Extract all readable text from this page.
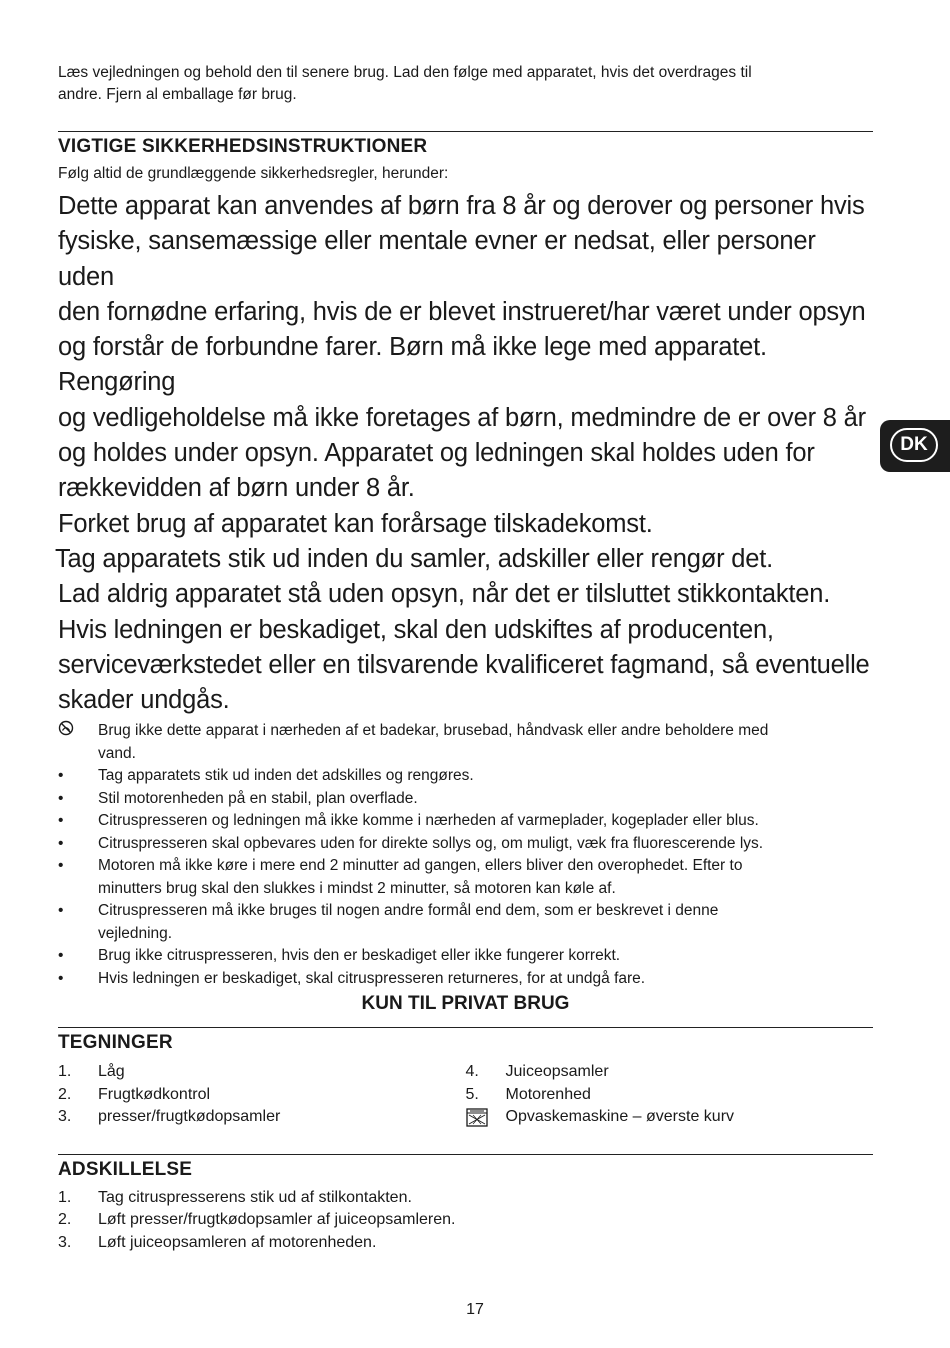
Læs vejledningen og behold den til senere brug. Lad den følge med apparatet, hvis det overdrages til
andre. Fjern al emballage før brug.
VIGTIGE SIKKERHEDSINSTRUKTIONER
Følg altid de grundlæggende sikkerhedsregler, herunder:

Dette apparat kan anvendes af børn fra 8 år og derover og personer hvis

fysiske, sansemæssige eller mentale evner er nedsat, eller personer uden

den fornødne erfaring, hvis de er blevet instrueret/har været under opsyn

og forstår de forbundne farer. Børn må ikke lege med apparatet. Rengøring

og vedligeholdelse må ikke foretages af børn, medmindre de er over 8 år

og holdes under opsyn. Apparatet og ledningen skal holdes uden for

rækkevidden af børn under 8 år.

Forket brug af apparatet kan forårsage tilskadekomst.

Tag apparatets stik ud inden du samler, adskiller eller rengør det.

Lad aldrig apparatet stå uden opsyn, når det er tilsluttet stikkontakten.

Hvis ledningen er beskadiget, skal den udskiftes af producenten,

serviceværkstedet eller en tilsvarende kvalificeret fagmand, så eventuelle

skader undgås.

Brug ikke dette apparat i nærheden af et badekar, brusebad, håndvask eller andre beholdere med
vand.
•	Tag apparatets stik ud inden det adskilles og rengøres.
•	Stil motorenheden på en stabil, plan overflade.
•	Citruspresseren og ledningen må ikke komme i nærheden af varmeplader, kogeplader eller blus.
•	Citruspresseren skal opbevares uden for direkte sollys og, om muligt, væk fra fluorescerende lys.
•	Motoren må ikke køre i mere end 2 minutter ad gangen, ellers bliver den overophedet. Efter to
minutters brug skal den slukkes i mindst 2 minutter, så motoren kan køle af.
•	Citruspresseren må ikke bruges til nogen andre formål end dem, som er beskrevet i denne
vejledning.
•	Brug ikke citruspresseren, hvis den er beskadiget eller ikke fungerer korrekt.
•	Hvis ledningen er beskadiget, skal citruspresseren returneres, for at undgå fare.
KUN TIL PRIVAT BRUG
TEGNINGER
1.	Låg
2.	Frugtkødkontrol
3.	presser/frugtkødopsamler
4.	Juiceopsamler
5.	Motorenhed
Opvaskemaskine – øverste kurv
ADSKILLELSE
1.	Tag citruspresserens stik ud af stilkontakten.
2.	Løft presser/frugtkødopsamler af juiceopsamleren.
3.	Løft juiceopsamleren af motorenheden.
DK
17
